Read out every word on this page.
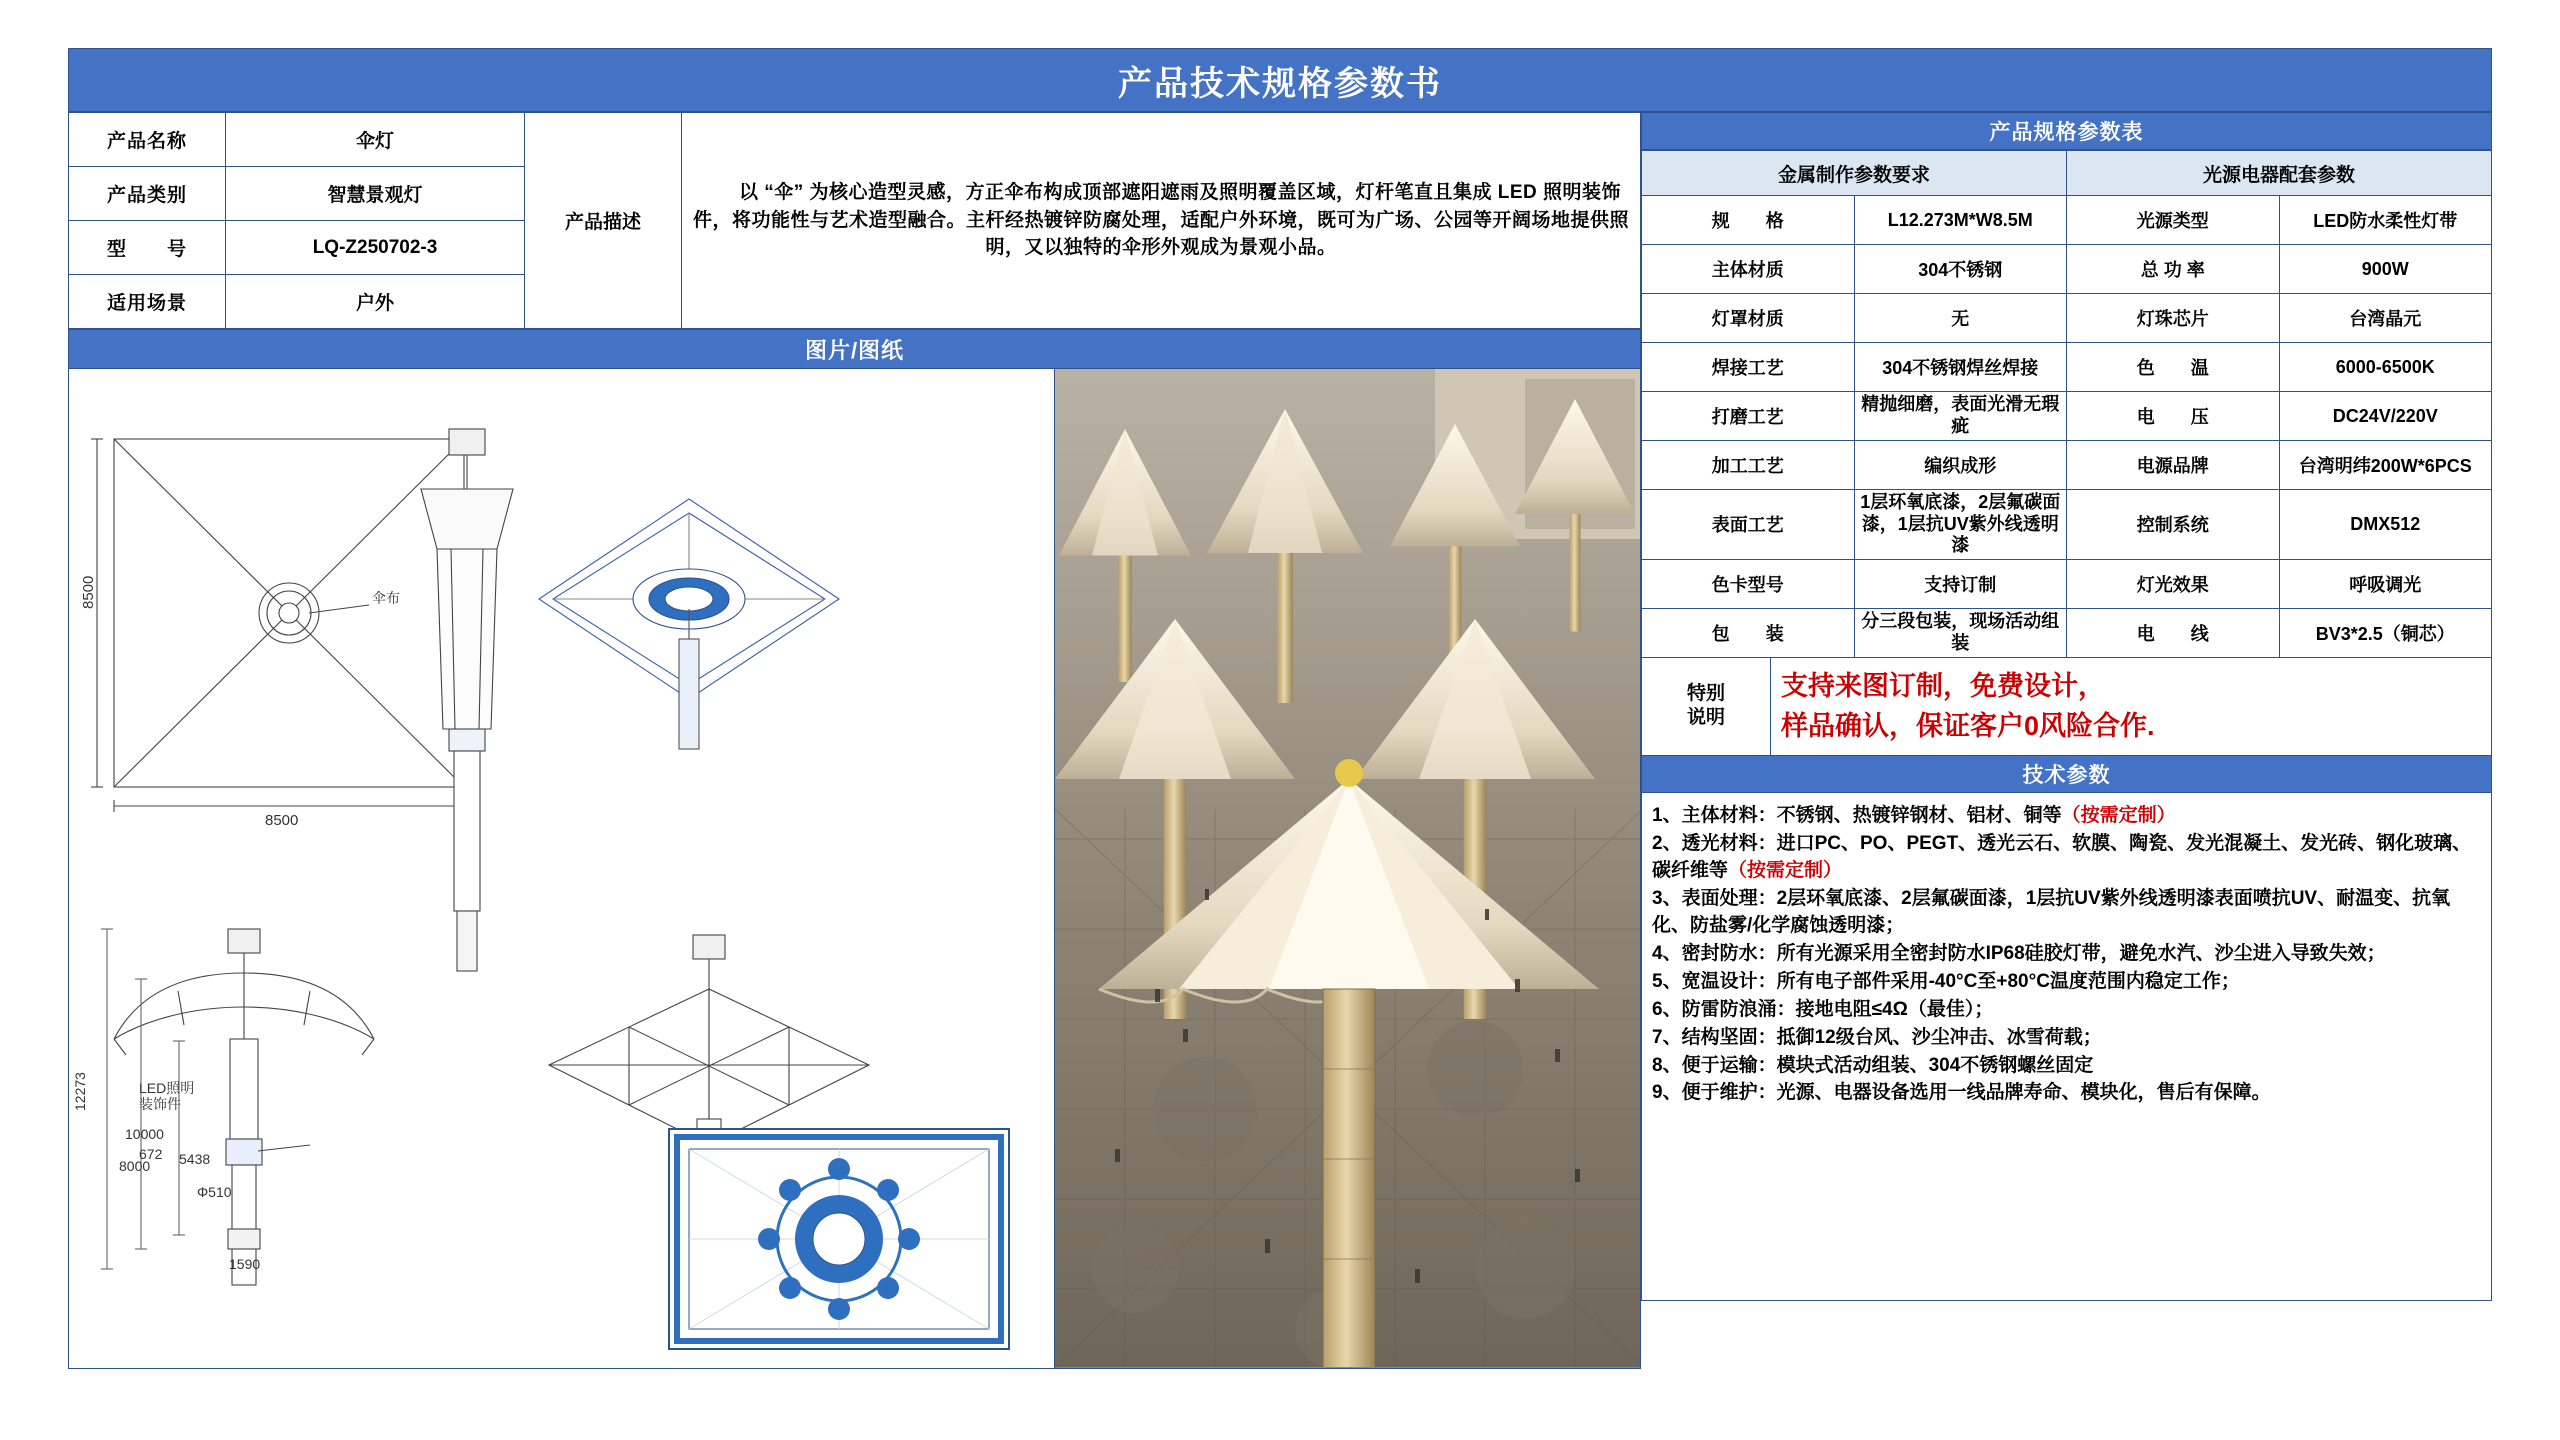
产品技术规格参数书
产品名称	伞灯	产品描述	以 “伞” 为核心造型灵感，方正伞布构成顶部遮阳遮雨及照明覆盖区域，灯杆笔直且集成 LED 照明装饰件，将功能性与艺术造型融合。主杆经热镀锌防腐处理，适配户外环境，既可为广场、公园等开阔场地提供照明，又以独特的伞形外观成为景观小品。

产品类别	智慧景观灯		
型　　号	LQ-Z250702-3		
适用场景	户外		
图片/图纸
8500
8500
伞布
672
12273
10000
8000 5438
Φ510
1590
LED照明
装饰件
产品规格参数表
金属制作参数要求		光源电器配套参数	
规　　格	L12.273M*W8.5M	光源类型	LED防水柔性灯带
主体材质	304不锈钢	总 功 率	900W
灯罩材质	无	灯珠芯片	台湾晶元
焊接工艺	304不锈钢焊丝焊接	色　　温	6000-6500K
打磨工艺	精抛细磨，表面光滑无瑕疵	电　　压	DC24V/220V
加工工艺	编织成形	电源品牌	台湾明纬200W*6PCS
表面工艺	1层环氧底漆，2层氟碳面漆，1层抗UV紫外线透明漆	控制系统	DMX512
色卡型号	支持订制	灯光效果	呼吸调光
包　　装	分三段包装，现场活动组装	电　　线	BV3*2.5（铜芯）
特别
说明
支持来图订制，免费设计，
样品确认，保证客户0风险合作.
技术参数

1、主体材料：不锈钢、热镀锌钢材、铝材、铜等（按需定制）

2、透光材料：进口PC、PO、PEGT、透光云石、软膜、陶瓷、发光混凝土、发光砖、钢化玻璃、碳纤维等（按需定制）

3、表面处理：2层环氧底漆、2层氟碳面漆，1层抗UV紫外线透明漆表面喷抗UV、耐温变、抗氧化、防盐雾/化学腐蚀透明漆；

4、密封防水：所有光源采用全密封防水IP68硅胶灯带，避免水汽、沙尘进入导致失效；

5、宽温设计：所有电子部件采用-40°C至+80°C温度范围内稳定工作；

6、防雷防浪涌：接地电阻≤4Ω（最佳）；

7、结构坚固：抵御12级台风、沙尘冲击、冰雪荷载；

8、便于运输：模块式活动组装、304不锈钢螺丝固定

9、便于维护：光源、电器设备选用一线品牌寿命、模块化，售后有保障。
